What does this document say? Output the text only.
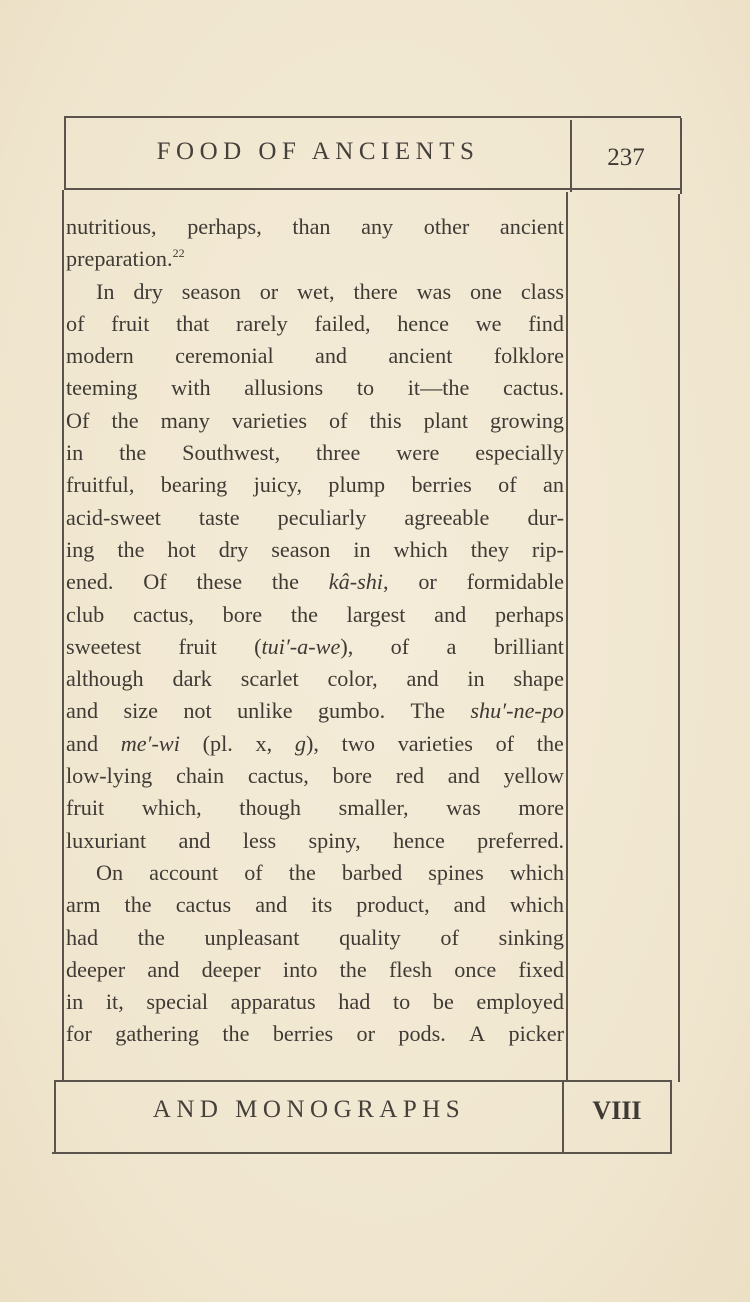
FOOD OF ANCIENTS	237
nutritious, perhaps, than any other ancient
preparation.$^{22}$
In dry season or wet, there was one class
of fruit that rarely failed, hence we find
modern ceremonial and ancient folklore
teeming with allusions to it—the cactus.
Of the many varieties of this plant growing
in the Southwest, three were especially
fruitful, bearing juicy, plump berries of an
acid-sweet taste peculiarly agreeable dur-
ing the hot dry season in which they rip-
ened. Of these the kâ-shi, or formidable
club cactus, bore the largest and perhaps
sweetest fruit (tui′-a-we), of a brilliant
although dark scarlet color, and in shape
and size not unlike gumbo. The shu′-ne-po
and me′-wi (pl. x, g), two varieties of the
low-lying chain cactus, bore red and yellow
fruit which, though smaller, was more
luxuriant and less spiny, hence preferred.
On account of the barbed spines which
arm the cactus and its product, and which
had the unpleasant quality of sinking
deeper and deeper into the flesh once fixed
in it, special apparatus had to be employed
for gathering the berries or pods. A picker
AND MONOGRAPHS	VIII
